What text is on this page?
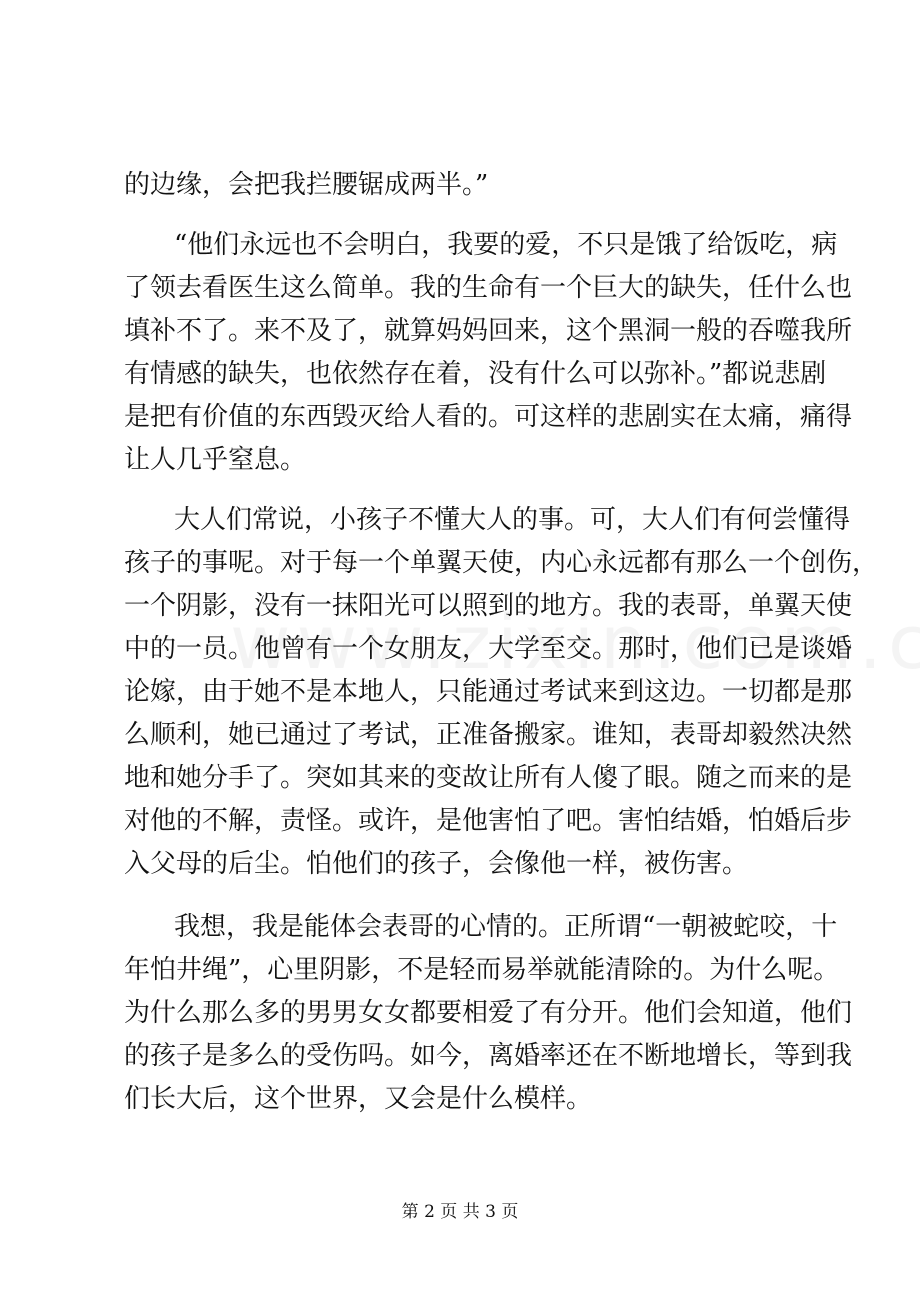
的边缘，会把我拦腰锯成两半。”
“他们永远也不会明白，我要的爱，不只是饿了给饭吃，病
了领去看医生这么简单。我的生命有一个巨大的缺失，任什么也
填补不了。来不及了，就算妈妈回来，这个黑洞一般的吞噬我所
有情感的缺失，也依然存在着，没有什么可以弥补。”都说悲剧
是把有价值的东西毁灭给人看的。可这样的悲剧实在太痛，痛得
让人几乎窒息。
大人们常说，小孩子不懂大人的事。可，大人们有何尝懂得
孩子的事呢。对于每一个单翼天使，内心永远都有那么一个创伤，
一个阴影，没有一抹阳光可以照到的地方。我的表哥，单翼天使
中的一员。他曾有一个女朋友，大学至交。那时，他们已是谈婚
论嫁，由于她不是本地人，只能通过考试来到这边。一切都是那
么顺利，她已通过了考试，正准备搬家。谁知，表哥却毅然决然
地和她分手了。突如其来的变故让所有人傻了眼。随之而来的是
对他的不解，责怪。或许，是他害怕了吧。害怕结婚，怕婚后步
入父母的后尘。怕他们的孩子，会像他一样，被伤害。
我想，我是能体会表哥的心情的。正所谓“一朝被蛇咬，十
年怕井绳”，心里阴影，不是轻而易举就能清除的。为什么呢。
为什么那么多的男男女女都要相爱了有分开。他们会知道，他们
的孩子是多么的受伤吗。如今，离婚率还在不断地增长，等到我
们长大后，这个世界，又会是什么模样。
第 2 页 共 3 页
